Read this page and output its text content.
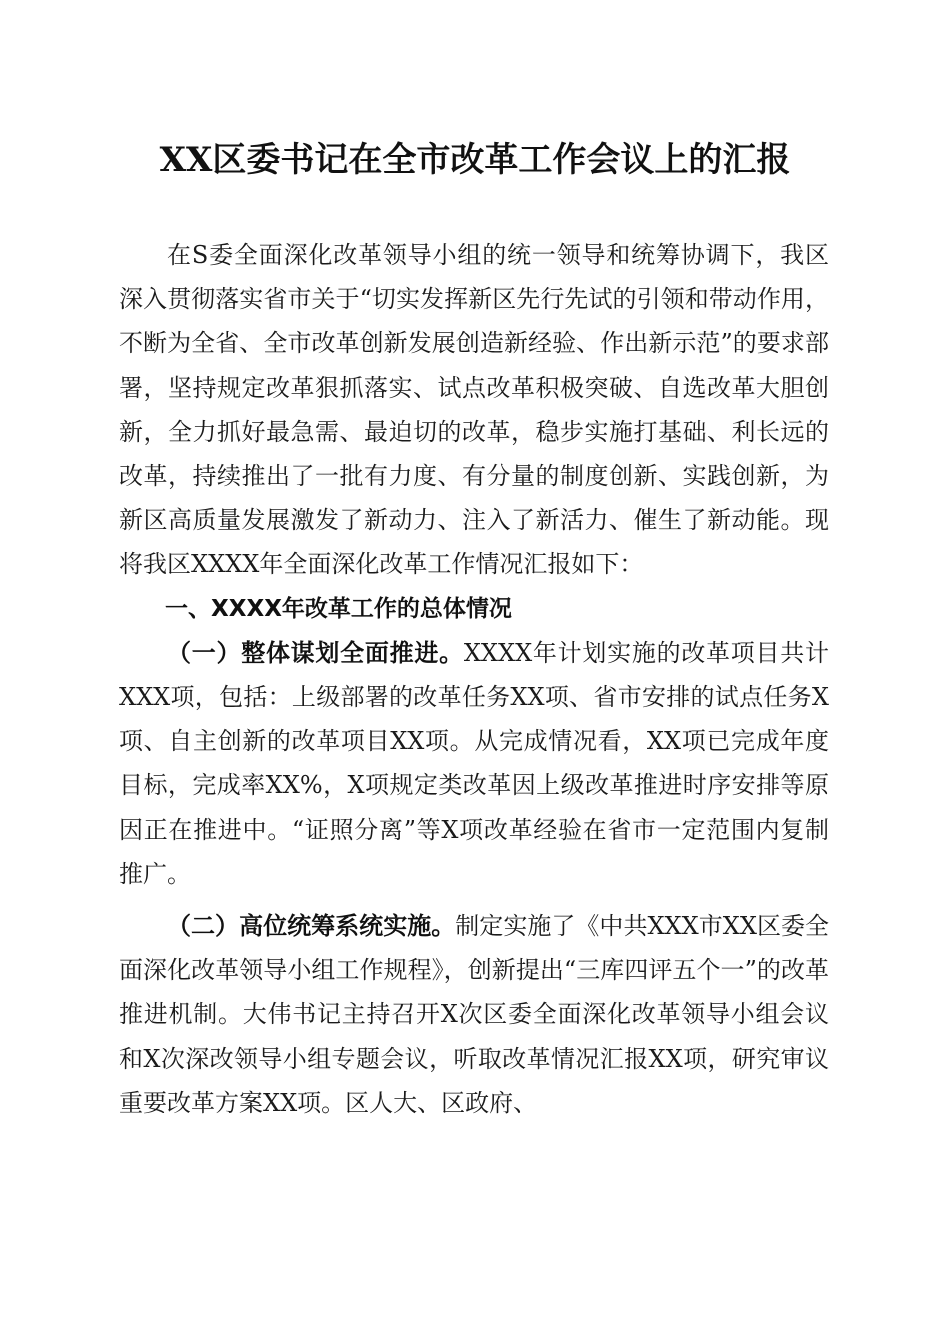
XX区委书记在全市改革工作会议上的汇报

在S委全面深化改革领导小组的统一领导和统筹协调下，我区深入贯彻落实省市关于“切实发挥新区先行先试的引领和带动作用，不断为全省、全市改革创新发展创造新经验、作出新示范”的要求部署，坚持规定改革狠抓落实、试点改革积极突破、自选改革大胆创新，全力抓好最急需、最迫切的改革，稳步实施打基础、利长远的改革，持续推出了一批有力度、有分量的制度创新、实践创新，为新区高质量发展激发了新动力、注入了新活力、催生了新动能。现将我区XXXX年全面深化改革工作情况汇报如下：

一、XXXX年改革工作的总体情况

（一）整体谋划全面推进。XXXX年计划实施的改革项目共计XXX项，包括：上级部署的改革任务XX项、省市安排的试点任务X项、自主创新的改革项目XX项。从完成情况看，XX项已完成年度目标，完成率XX%，X项规定类改革因上级改革推进时序安排等原因正在推进中。“证照分离”等X项改革经验在省市一定范围内复制推广。

（二）高位统筹系统实施。制定实施了《中共XXX市XX区委全面深化改革领导小组工作规程》，创新提出“三库四评五个一”的改革推进机制。大伟书记主持召开X次区委全面深化改革领导小组会议和X次深改领导小组专题会议，听取改革情况汇报XX项，研究审议重要改革方案XX项。区人大、区政府、
